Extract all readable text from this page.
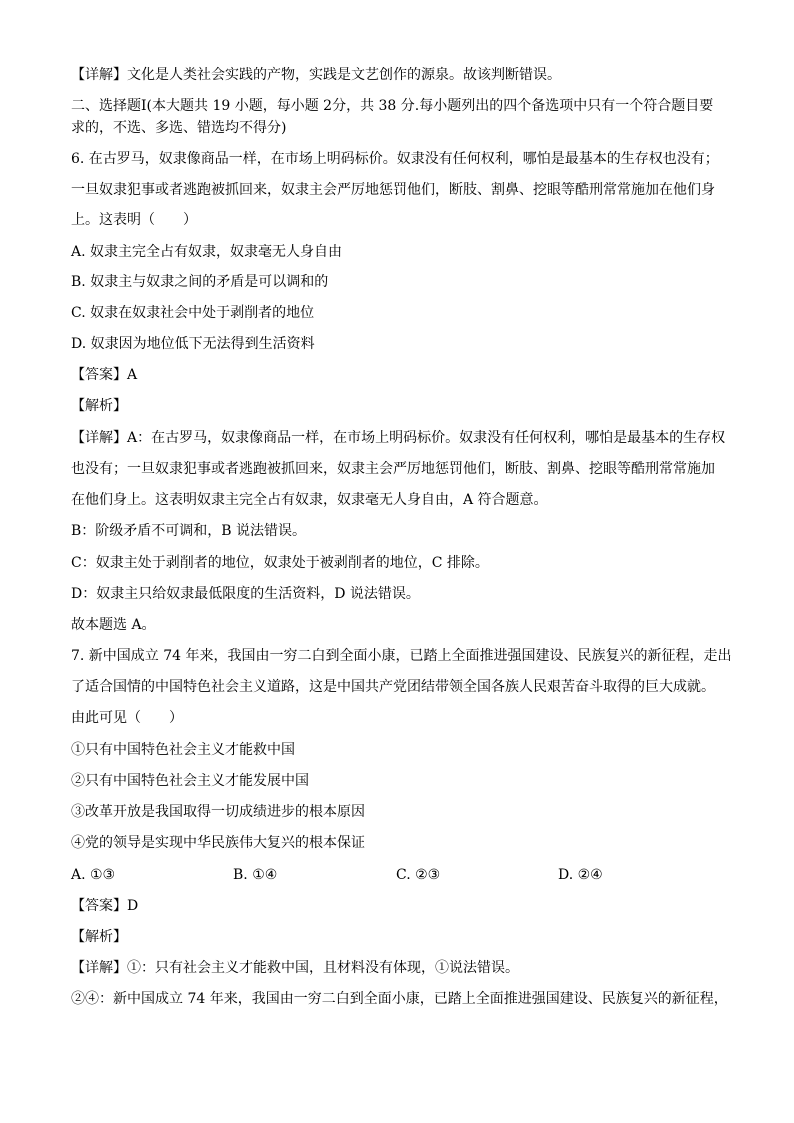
【详解】文化是人类社会实践的产物，实践是文艺创作的源泉。故该判断错误。
二、选择题Ⅰ(本大题共 19 小题，每小题 2分，共 38 分.每小题列出的四个备选项中只有一个符合题目要
求的，不选、多选、错选均不得分)
6. 在古罗马，奴隶像商品一样，在市场上明码标价。奴隶没有任何权利，哪怕是最基本的生存权也没有；
一旦奴隶犯事或者逃跑被抓回来，奴隶主会严厉地惩罚他们，断肢、割鼻、挖眼等酷刑常常施加在他们身
上。这表明（　　）
A. 奴隶主完全占有奴隶，奴隶毫无人身自由
B. 奴隶主与奴隶之间的矛盾是可以调和的
C. 奴隶在奴隶社会中处于剥削者的地位
D. 奴隶因为地位低下无法得到生活资料
【答案】A
【解析】
【详解】A：在古罗马，奴隶像商品一样，在市场上明码标价。奴隶没有任何权利，哪怕是最基本的生存权
也没有；一旦奴隶犯事或者逃跑被抓回来，奴隶主会严厉地惩罚他们，断肢、割鼻、挖眼等酷刑常常施加
在他们身上。这表明奴隶主完全占有奴隶，奴隶毫无人身自由，A 符合题意。
B：阶级矛盾不可调和，B 说法错误。
C：奴隶主处于剥削者的地位，奴隶处于被剥削者的地位，C 排除。
D：奴隶主只给奴隶最低限度的生活资料，D 说法错误。
故本题选 A。
7. 新中国成立 74 年来，我国由一穷二白到全面小康，已踏上全面推进强国建设、民族复兴的新征程，走出
了适合国情的中国特色社会主义道路，这是中国共产党团结带领全国各族人民艰苦奋斗取得的巨大成就。
由此可见（　　）
①只有中国特色社会主义才能救中国
②只有中国特色社会主义才能发展中国
③改革开放是我国取得一切成绩进步的根本原因
④党的领导是实现中华民族伟大复兴的根本保证
A. ①③	B. ①④	C. ②③	D. ②④
【答案】D
【解析】
【详解】①：只有社会主义才能救中国，且材料没有体现，①说法错误。
②④：新中国成立 74 年来，我国由一穷二白到全面小康，已踏上全面推进强国建设、民族复兴的新征程，
